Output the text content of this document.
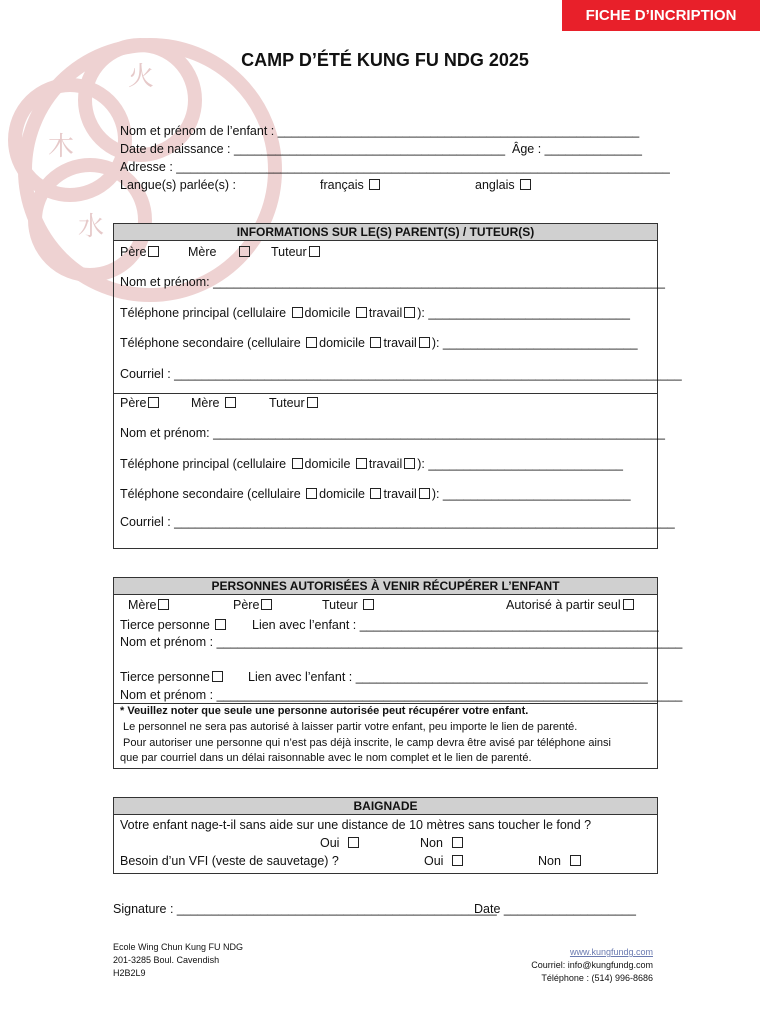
火
木
水
FICHE D’INCRIPTION
CAMP D’ÉTÉ KUNG FU NDG 2025
Nom et prénom de l’enfant : ____________________________________________________
Date de naissance : _______________________________________ Âge : ______________
Adresse : _______________________________________________________________________
Langue(s) parlée(s) :	français	anglais
INFORMATIONS SUR LE(S) PARENT(S) / TUTEUR(S)
Père	Mère	Tuteur
Nom et prénom: _________________________________________________________________
Téléphone principal (cellulaire domicile travail ): _____________________________
Téléphone secondaire (cellulaire domicile travail ): ____________________________
Courriel : _________________________________________________________________________
Père	Mère	Tuteur
Nom et prénom: _________________________________________________________________
Téléphone principal (cellulaire domicile travail ): ____________________________
Téléphone secondaire (cellulaire domicile travail ): ___________________________
Courriel : ________________________________________________________________________
PERSONNES AUTORISÉES À VENIR RÉCUPÉRER L’ENFANT
Mère	Père	Tuteur	Autorisé à partir seul
Tierce personne	Lien avec l’enfant : ___________________________________________
Nom et prénom : ___________________________________________________________________
Tierce personne	Lien avec l’enfant : __________________________________________
Nom et prénom : ___________________________________________________________________
* Veuillez noter que seule une personne autorisée peut récupérer votre enfant.
Le personnel ne sera pas autorisé à laisser partir votre enfant, peu importe le lien de parenté.
Pour autoriser une personne qui n’est pas déjà inscrite, le camp devra être avisé par téléphone ainsi
que par courriel dans un délai raisonnable avec le nom complet et le lien de parenté.
BAIGNADE
Votre enfant nage-t-il sans aide sur une distance de 10 mètres sans toucher le fond ?
Oui	Non
Besoin d’un VFI (veste de sauvetage) ?	Oui	Non
Signature : ______________________________________________
Date ___________________
Ecole Wing Chun Kung FU NDG
201-3285 Boul. Cavendish
H2B2L9
www.kungfundg.com
Courriel: info@kungfundg.com
Téléphone : (514) 996-8686
